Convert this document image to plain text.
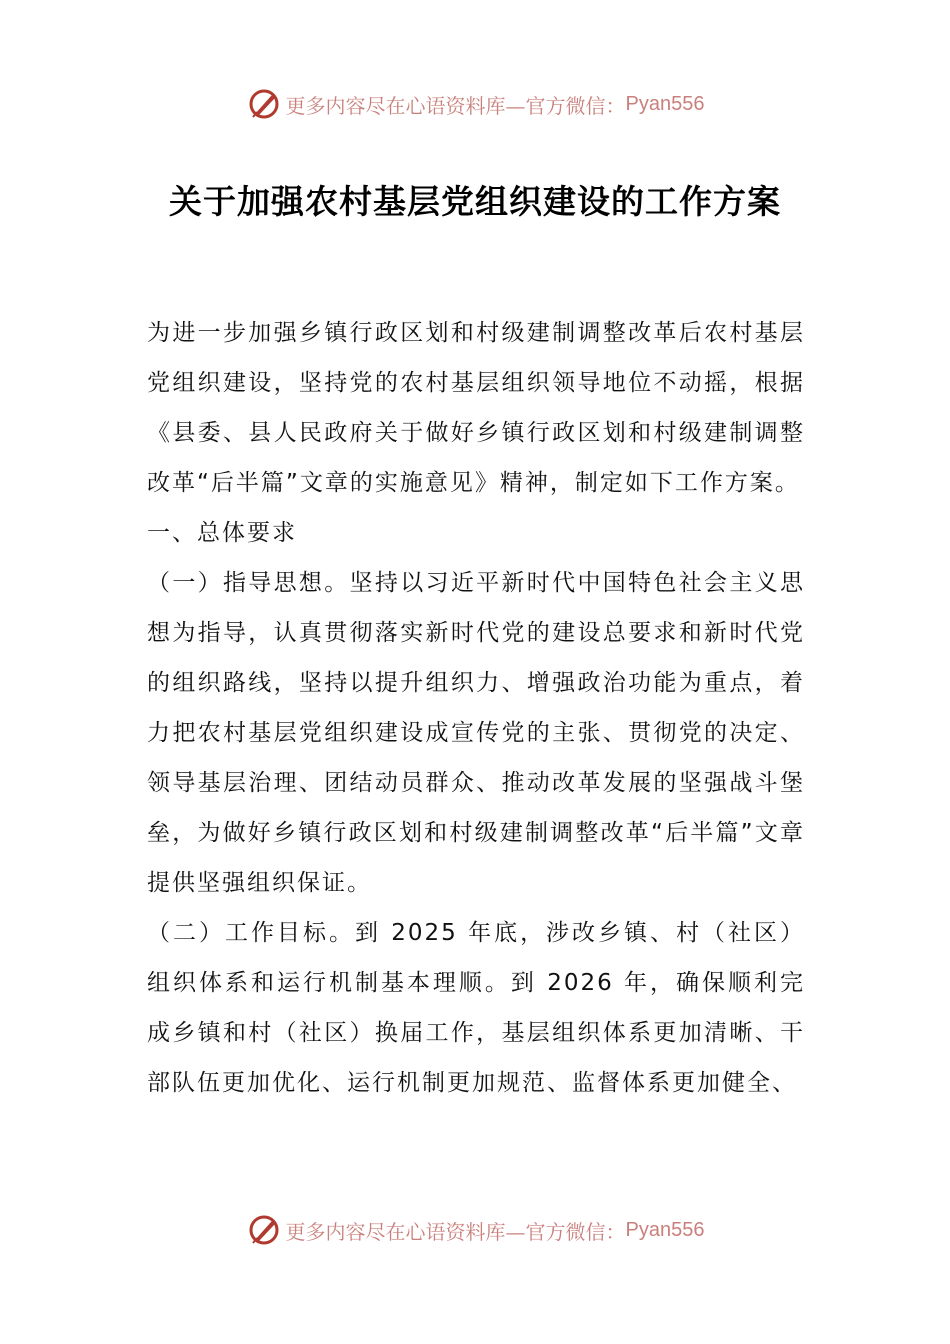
更多内容尽在心语资料库—官方微信： Pyan556
关于加强农村基层党组织建设的工作方案

为进一步加强乡镇行政区划和村级建制调整改革后农村基层党组织建设，坚持党的农村基层组织领导地位不动摇，根据《县委、县人民政府关于做好乡镇行政区划和村级建制调整改革“后半篇”文章的实施意见》精神，制定如下工作方案。

一、总体要求

（一）指导思想。坚持以习近平新时代中国特色社会主义思想为指导，认真贯彻落实新时代党的建设总要求和新时代党的组织路线，坚持以提升组织力、增强政治功能为重点，着力把农村基层党组织建设成宣传党的主张、贯彻党的决定、领导基层治理、团结动员群众、推动改革发展的坚强战斗堡垒，为做好乡镇行政区划和村级建制调整改革“后半篇”文章提供坚强组织保证。

（二）工作目标。到 2025 年底，涉改乡镇、村（社区）组织体系和运行机制基本理顺。到 2026 年，确保顺利完成乡镇和村（社区）换届工作，基层组织体系更加清晰、干部队伍更加优化、运行机制更加规范、监督体系更加健全、

更多内容尽在心语资料库—官方微信： Pyan556
